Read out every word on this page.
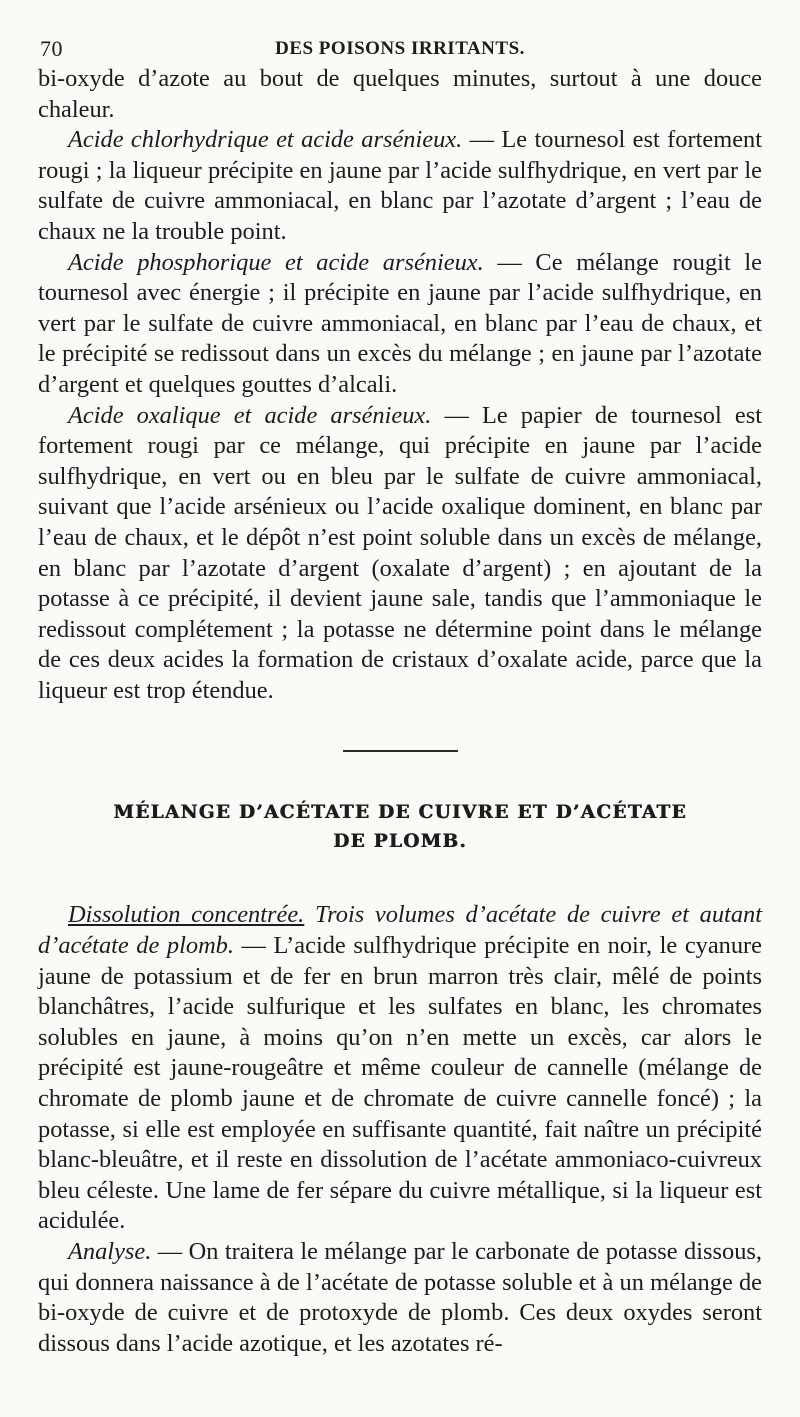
70	DES POISONS IRRITANTS.

bi-oxyde d’azote au bout de quelques minutes, surtout à une douce chaleur.

Acide chlorhydrique et acide arsénieux. — Le tournesol est fortement rougi ; la liqueur précipite en jaune par l’acide sulfhydrique, en vert par le sulfate de cuivre ammoniacal, en blanc par l’azotate d’argent ; l’eau de chaux ne la trouble point.

Acide phosphorique et acide arsénieux. — Ce mélange rougit le tournesol avec énergie ; il précipite en jaune par l’acide sulfhydrique, en vert par le sulfate de cuivre ammoniacal, en blanc par l’eau de chaux, et le précipité se redissout dans un excès du mélange ; en jaune par l’azotate d’argent et quelques gouttes d’alcali.

Acide oxalique et acide arsénieux. — Le papier de tournesol est fortement rougi par ce mélange, qui précipite en jaune par l’acide sulfhydrique, en vert ou en bleu par le sulfate de cuivre ammoniacal, suivant que l’acide arsénieux ou l’acide oxalique dominent, en blanc par l’eau de chaux, et le dépôt n’est point soluble dans un excès de mélange, en blanc par l’azotate d’argent (oxalate d’argent) ; en ajoutant de la potasse à ce précipité, il devient jaune sale, tandis que l’ammoniaque le redissout complétement ; la potasse ne détermine point dans le mélange de ces deux acides la formation de cristaux d’oxalate acide, parce que la liqueur est trop étendue.

MÉLANGE D’ACÉTATE DE CUIVRE ET D’ACÉTATE
DE PLOMB.

Dissolution concentrée. Trois volumes d’acétate de cuivre et autant d’acétate de plomb. — L’acide sulfhydrique précipite en noir, le cyanure jaune de potassium et de fer en brun marron très clair, mêlé de points blanchâtres, l’acide sulfurique et les sulfates en blanc, les chromates solubles en jaune, à moins qu’on n’en mette un excès, car alors le précipité est jaune-rougeâtre et même couleur de cannelle (mélange de chromate de plomb jaune et de chromate de cuivre cannelle foncé) ; la potasse, si elle est employée en suffisante quantité, fait naître un précipité blanc-bleuâtre, et il reste en dissolution de l’acétate ammoniaco-cuivreux bleu céleste. Une lame de fer sépare du cuivre métallique, si la liqueur est acidulée.

Analyse. — On traitera le mélange par le carbonate de potasse dissous, qui donnera naissance à de l’acétate de potasse soluble et à un mélange de bi-oxyde de cuivre et de protoxyde de plomb. Ces deux oxydes seront dissous dans l’acide azotique, et les azotates ré-
